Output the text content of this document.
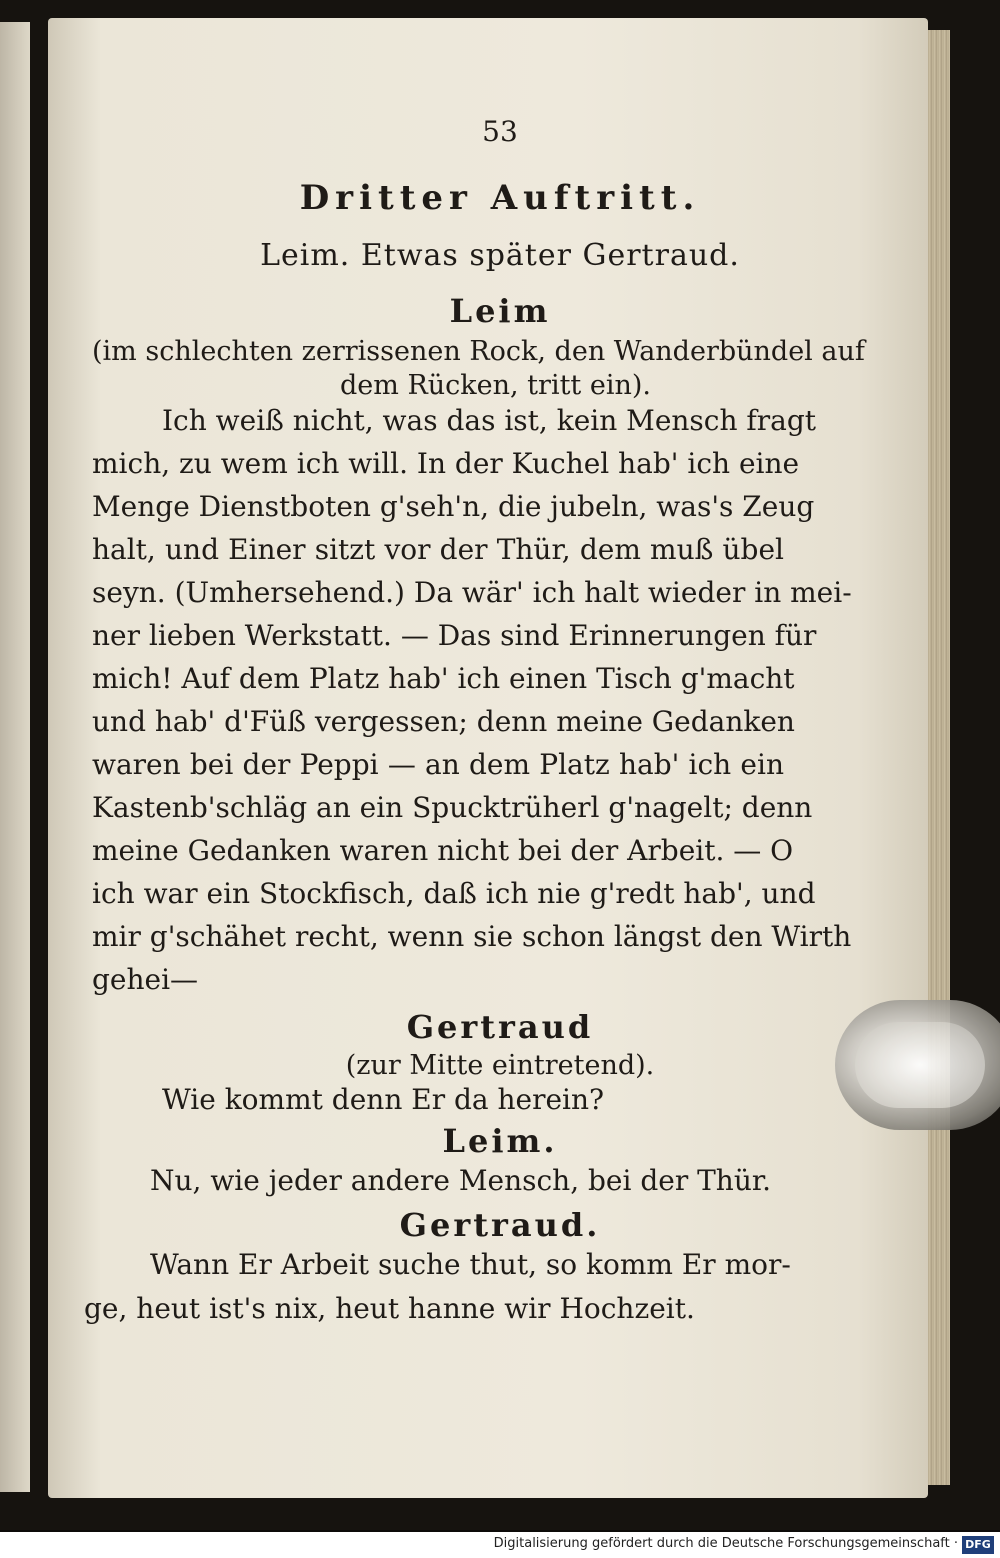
53
Dritter Auftritt.
Leim. Etwas später Gertraud.
Leim
(im schlechten zerrissenen Rock, den Wanderbündel auf
dem Rücken, tritt ein).
Ich weiß nicht, was das ist, kein Mensch fragt
mich, zu wem ich will. In der Kuchel hab' ich eine
Menge Dienstboten g'seh'n, die jubeln, was's Zeug
halt, und Einer sitzt vor der Thür, dem muß übel
seyn. (Umhersehend.) Da wär' ich halt wieder in mei-
ner lieben Werkstatt. — Das sind Erinnerungen für
mich! Auf dem Platz hab' ich einen Tisch g'macht
und hab' d'Füß vergessen; denn meine Gedanken
waren bei der Peppi — an dem Platz hab' ich ein
Kastenb'schläg an ein Spucktrüherl g'nagelt; denn
meine Gedanken waren nicht bei der Arbeit. — O
ich war ein Stockfisch, daß ich nie g'redt hab', und
mir g'schähet recht, wenn sie schon längst den Wirth
gehei—
Gertraud
(zur Mitte eintretend).
Wie kommt denn Er da herein?
Leim.
Nu, wie jeder andere Mensch, bei der Thür.
Gertraud.
Wann Er Arbeit suche thut, so komm Er mor-
ge, heut ist's nix, heut hanne wir Hochzeit.
Digitalisierung gefördert durch die Deutsche Forschungsgemeinschaft · DFG
